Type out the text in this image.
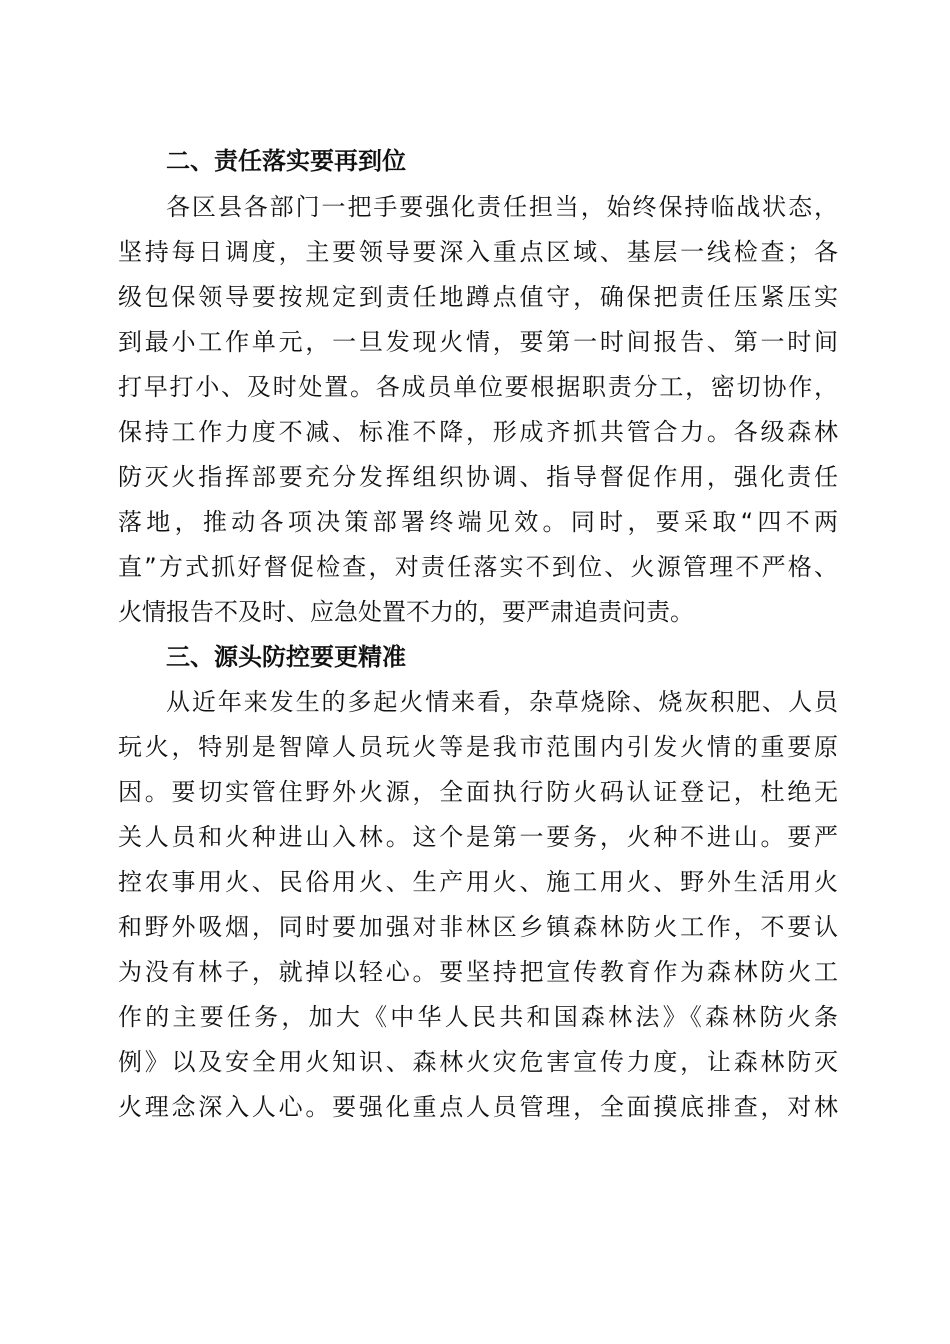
二、责任落实要再到位
各区县各部门一把手要强化责任担当，始终保持临战状态，
坚持每日调度，主要领导要深入重点区域、基层一线检查；各
级包保领导要按规定到责任地蹲点值守，确保把责任压紧压实
到最小工作单元，一旦发现火情，要第一时间报告、第一时间
打早打小、及时处置。各成员单位要根据职责分工，密切协作，
保持工作力度不减、标准不降，形成齐抓共管合力。各级森林
防灭火指挥部要充分发挥组织协调、指导督促作用，强化责任
落地，推动各项决策部署终端见效。同时，要采取“四不两
直”方式抓好督促检查，对责任落实不到位、火源管理不严格、
火情报告不及时、应急处置不力的，要严肃追责问责。
三、源头防控要更精准
从近年来发生的多起火情来看，杂草烧除、烧灰积肥、人员
玩火，特别是智障人员玩火等是我市范围内引发火情的重要原
因。要切实管住野外火源，全面执行防火码认证登记，杜绝无
关人员和火种进山入林。这个是第一要务，火种不进山。要严
控农事用火、民俗用火、生产用火、施工用火、野外生活用火
和野外吸烟，同时要加强对非林区乡镇森林防火工作，不要认
为没有林子，就掉以轻心。要坚持把宣传教育作为森林防火工
作的主要任务，加大《中华人民共和国森林法》《森林防火条
例》以及安全用火知识、森林火灾危害宣传力度，让森林防灭
火理念深入人心。要强化重点人员管理，全面摸底排查，对林
